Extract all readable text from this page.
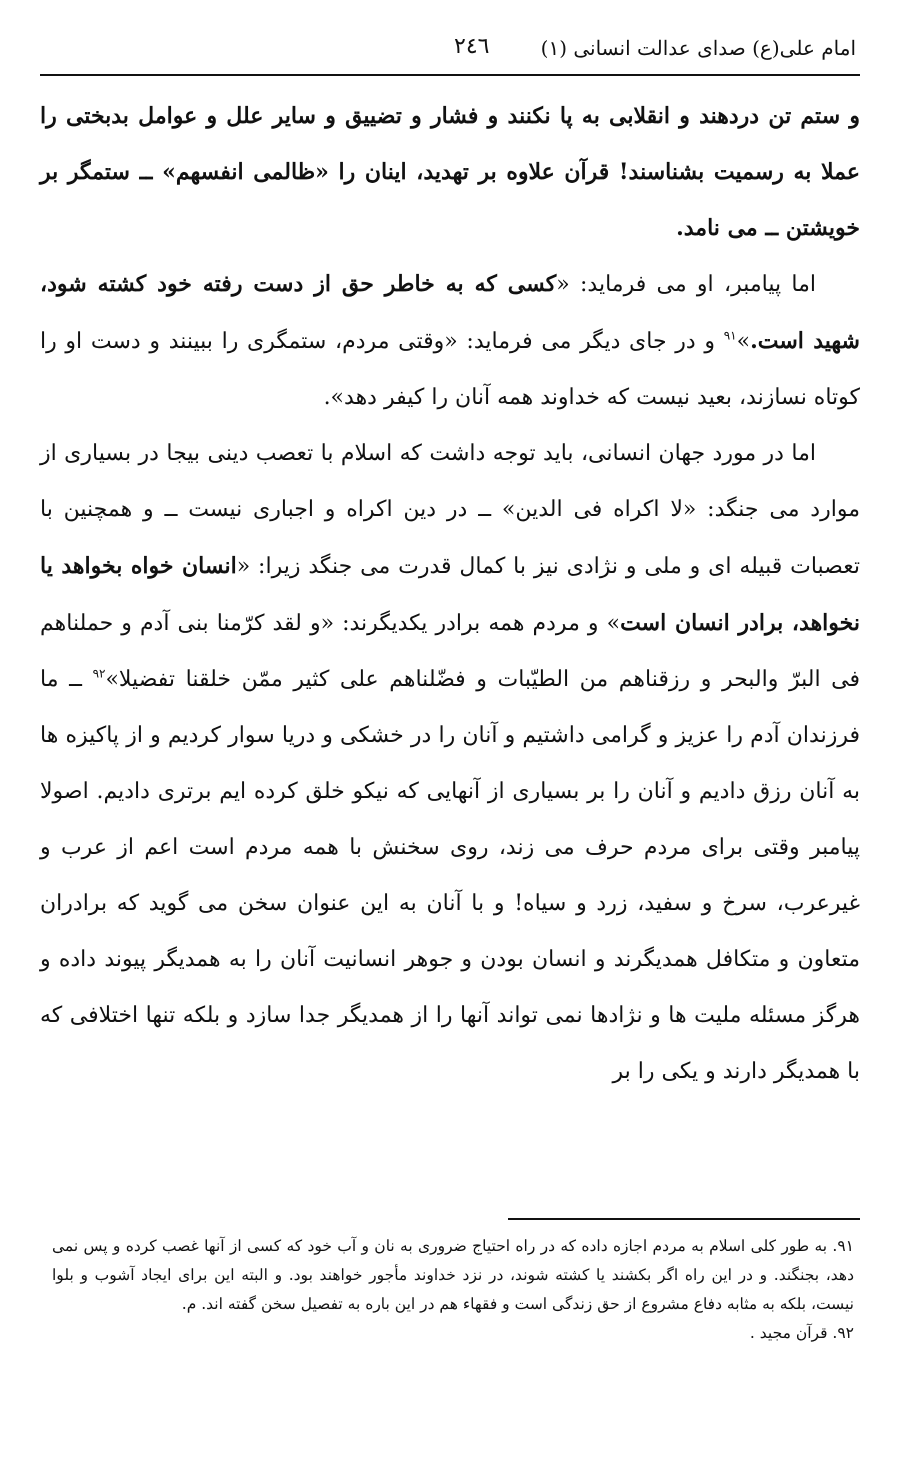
امام علی(ع) صدای عدالت انسانی (۱)
۲٤٦

و ستم تن دردهند و انقلابی به پا نکنند و فشار و تضییق و سایر علل و عوامل بدبختی را عملا به رسمیت بشناسند! قرآن علاوه بر تهدید، اینان را «ظالمی انفسهم» ــ ستمگر بر خویشتن ــ می نامد.

اما پیامبر، او می فرماید: «کسی که به خاطر حق از دست رفته خود کشته شود، شهید است.»$^{۹۱}$ و در جای دیگر می فرماید: «وقتی مردم، ستمگری را ببینند و دست او را کوتاه نسازند، بعید نیست که خداوند همه آنان را کیفر دهد».

اما در مورد جهان انسانی، باید توجه داشت که اسلام با تعصب دینی بیجا در بسیاری از موارد می جنگد: «لا اکراه فی الدین» ــ در دین اکراه و اجباری نیست ــ و همچنین با تعصبات قبیله ای و ملی و نژادی نیز با کمال قدرت می جنگد زیرا: «انسان خواه بخواهد یا نخواهد، برادر انسان است» و مردم همه برادر یکدیگرند: «و لقد کرّمنا بنی آدم و حملناهم فی البرّ والبحر و رزقناهم من الطیّبات و فضّلناهم علی کثیر ممّن خلقنا تفضیلا»$^{۹۲}$ ــ ما فرزندان آدم را عزیز و گرامی داشتیم و آنان را در خشکی و دریا سوار کردیم و از پاکیزه ها به آنان رزق دادیم و آنان را بر بسیاری از آنهایی که نیکو خلق کرده ایم برتری دادیم. اصولا پیامبر وقتی برای مردم حرف می زند، روی سخنش با همه مردم است اعم از عرب و غیرعرب، سرخ و سفید، زرد و سیاه! و با آنان به این عنوان سخن می گوید که برادران متعاون و متکافل همدیگرند و انسان بودن و جوهر انسانیت آنان را به همدیگر پیوند داده و هرگز مسئله ملیت ها و نژادها نمی تواند آنها را از همدیگر جدا سازد و بلکه تنها اختلافی که با همدیگر دارند و یکی را بر

۹۱. به طور کلی اسلام به مردم اجازه داده که در راه احتیاج ضروری به نان و آب خود که کسی از آنها غصب کرده و پس نمی دهد، بجنگند. و در این راه اگر بکشند یا کشته شوند، در نزد خداوند مأجور خواهند بود. و البته این برای ایجاد آشوب و بلوا نیست، بلکه به مثابه دفاع مشروع از حق زندگی است و فقهاء هم در این باره به تفصیل سخن گفته اند. م.

۹۲. قرآن مجید .
